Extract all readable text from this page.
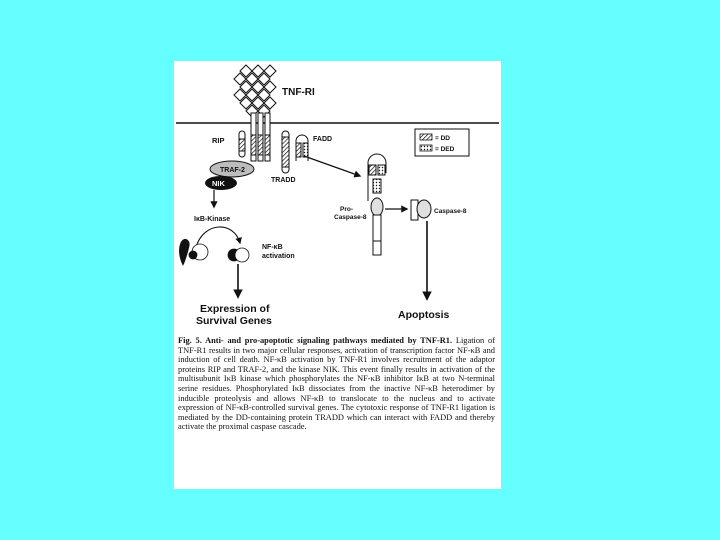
TNF-RI
RIP
TRAF-2
NIK	TRADD
FADD	= DD
= DED
Pro-
Caspase-8
Caspase-8
Apoptosis
IκB-Kinase
NF-κB
activation
Expression of
Survival Genes
Fig. 5. Anti- and pro-apoptotic signaling pathways mediated by TNF-R1. Ligation of TNF-R1 results in two major cellular responses, activation of transcription factor NF-κB and induction of cell death. NF-κB activation by TNF-R1 involves recruitment of the adaptor proteins RIP and TRAF-2, and the kinase NIK. This event finally results in activation of the multisubunit IκB kinase which phosphorylates the NF-κB inhibitor IκB at two N-terminal serine residues. Phosphorylated IκB dissociates from the inactive NF-κB heterodimer by inducible proteolysis and allows NF-κB to translocate to the nucleus and to activate expression of NF-κB-controlled survival genes. The cytotoxic response of TNF-R1 ligation is mediated by the DD-containing protein TRADD which can interact with FADD and thereby activate the proximal caspase cascade.
